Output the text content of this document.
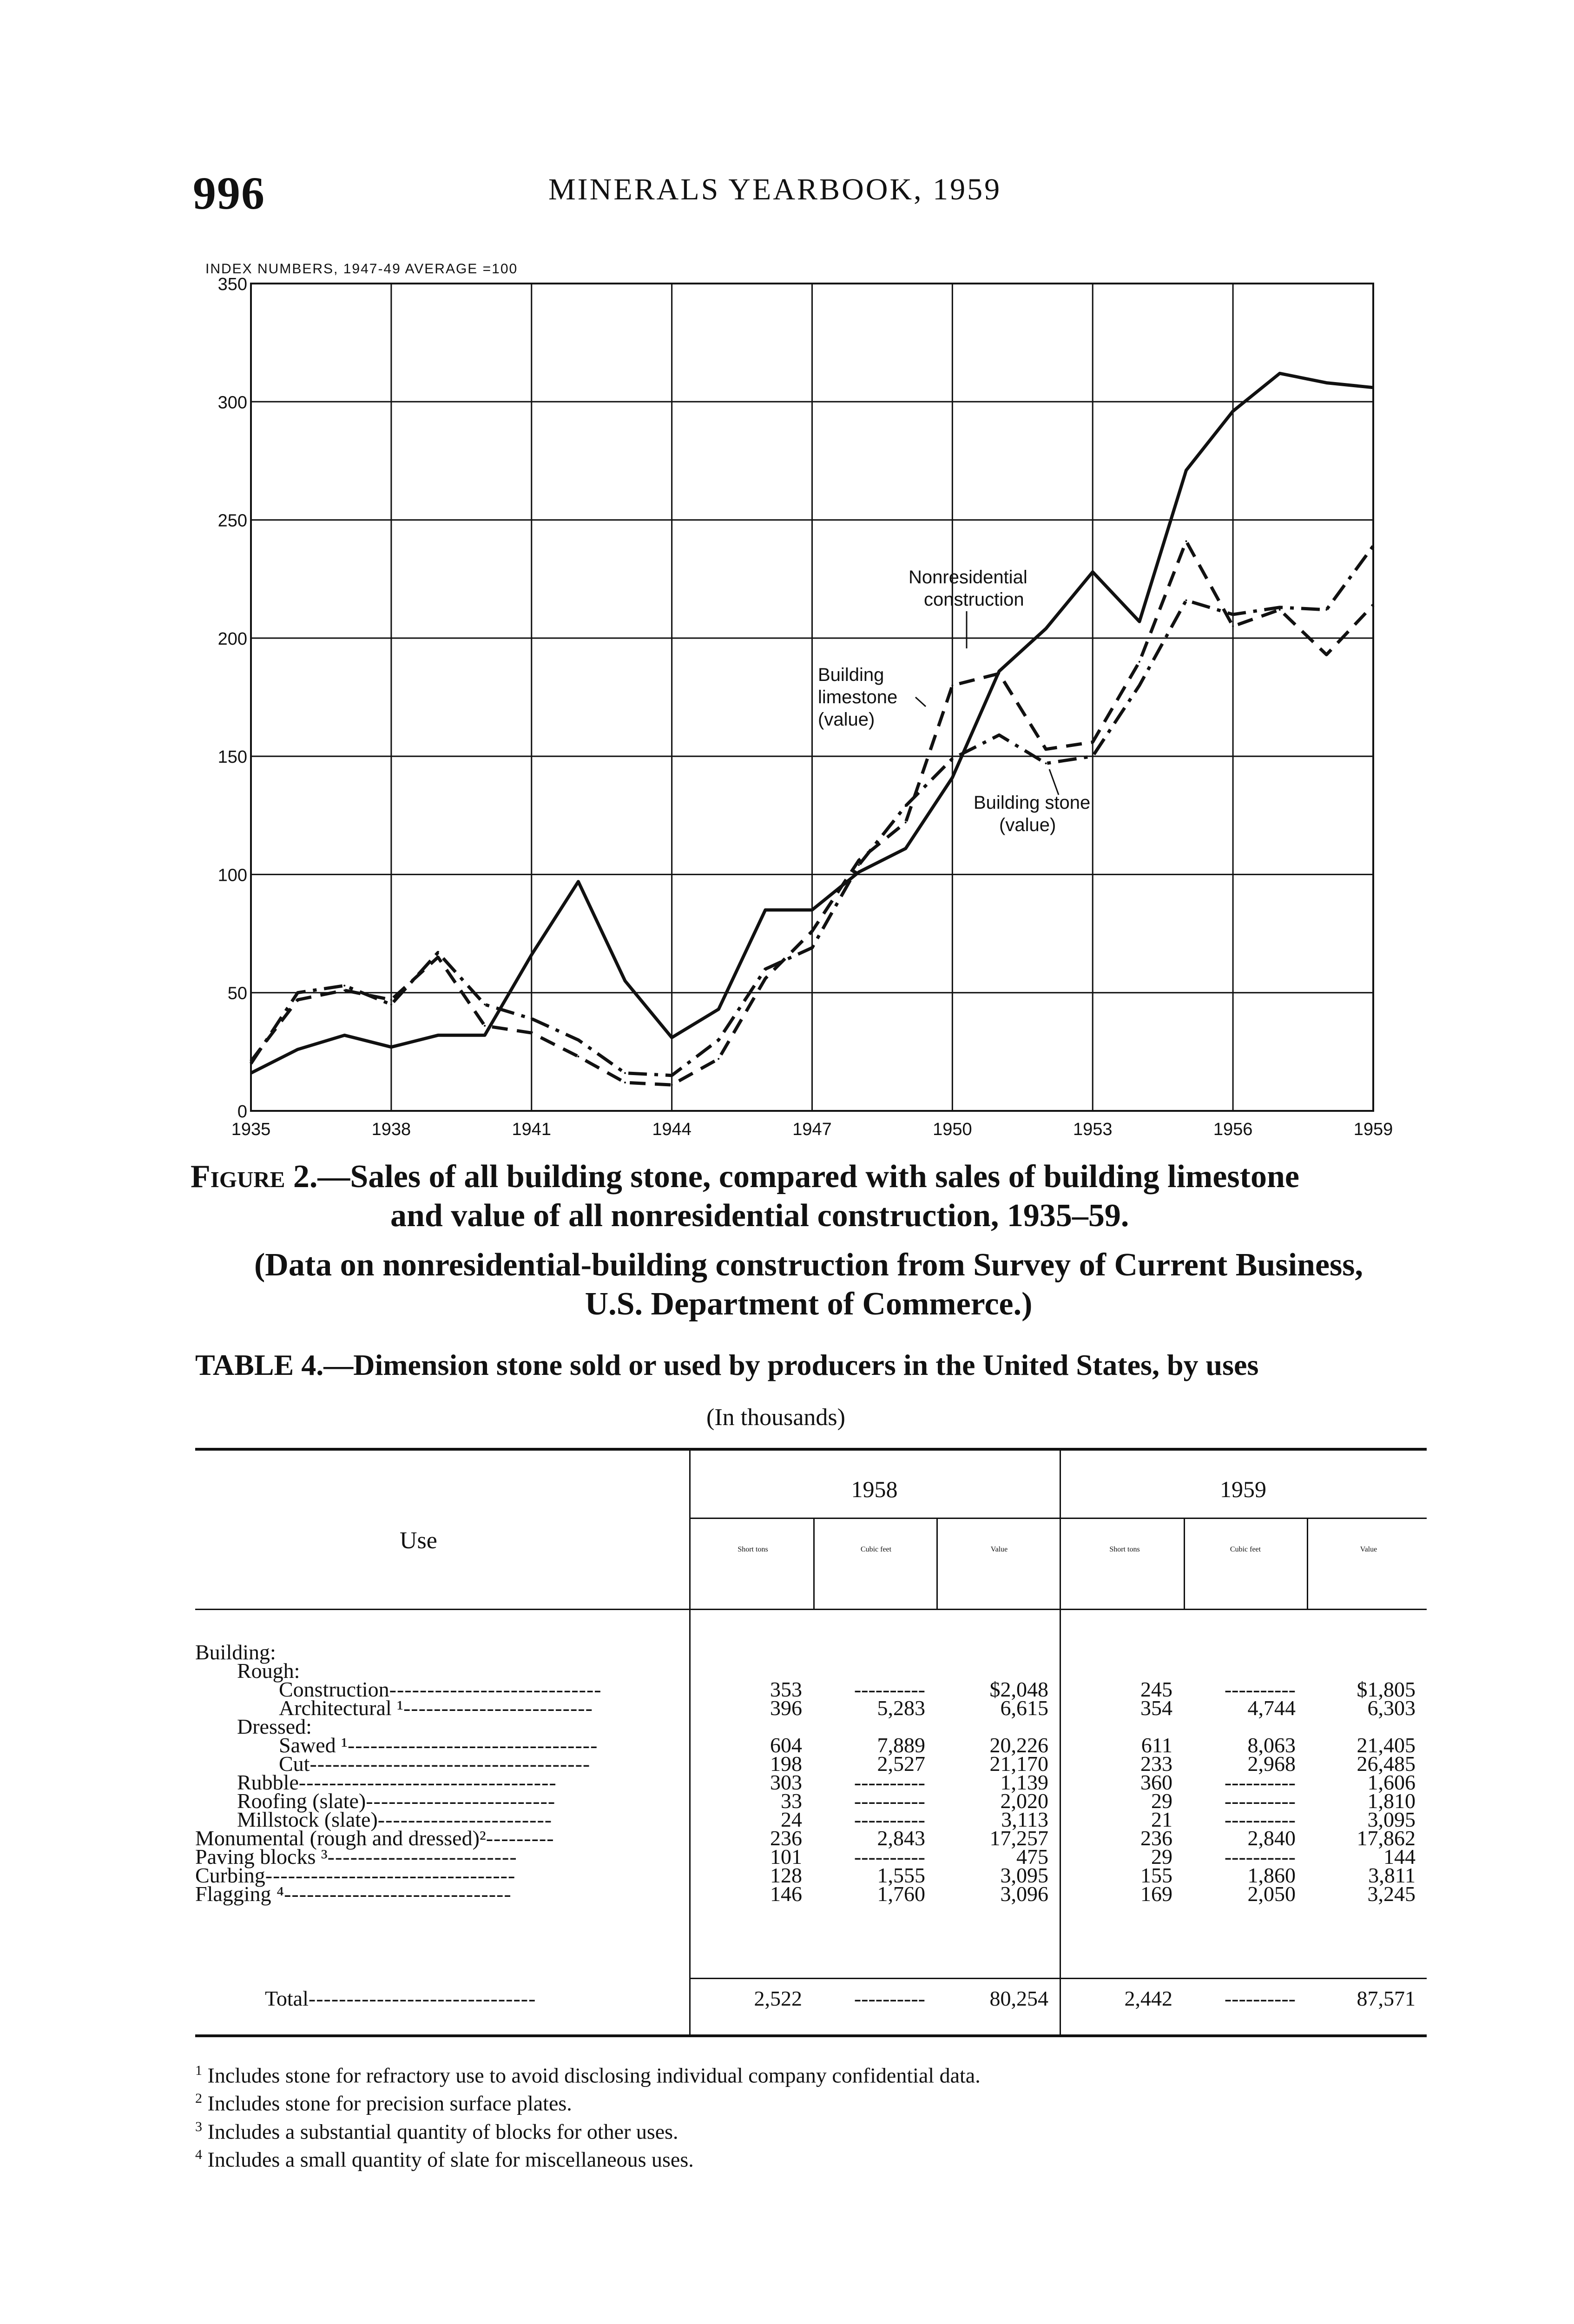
996	MINERALS YEARBOOK, 1959
INDEX NUMBERS, 1947-49 AVERAGE =100
0
50
100
150
200
250
300
350
1935	1938	1941	1944	1947	1950	1953	1956	1959
Nonresidential
construction
Building
limestone
(value)
Building stone
(value)
Figure 2.—Sales of all building stone, compared with sales of building limestone
and value of all nonresidential construction, 1935–59.
(Data on nonresidential-building construction from Survey of Current Business,
U.S. Department of Commerce.)
TABLE 4.—Dimension stone sold or used by producers in the United States, by uses
(In thousands)
Use
1958	1959
Short tons	Cubic feet	Value	Short tons	Cubic feet	Value
Building:						
Rough:						
Construction----------------------------	353	----------	$2,048	245	----------	$1,805
Architectural ¹-------------------------	396	5,283	6,615	354	4,744	6,303
Dressed:						
Sawed ¹---------------------------------	604	7,889	20,226	611	8,063	21,405
Cut-------------------------------------	198	2,527	21,170	233	2,968	26,485
Rubble----------------------------------	303	----------	1,139	360	----------	1,606
Roofing (slate)-------------------------	33	----------	2,020	29	----------	1,810
Millstock (slate)-----------------------	24	----------	3,113	21	----------	3,095
Monumental (rough and dressed)²---------	236	2,843	17,257	236	2,840	17,862
Paving blocks ³-------------------------	101	----------	475	29	----------	144
Curbing---------------------------------	128	1,555	3,095	155	1,860	3,811
Flagging ⁴------------------------------	146	1,760	3,096	169	2,050	3,245
Total------------------------------	2,522	----------	80,254	2,442	----------	87,571
$^1$ Includes stone for refractory use to avoid disclosing individual company confidential data.
$^2$ Includes stone for precision surface plates.
$^3$ Includes a substantial quantity of blocks for other uses.
$^4$ Includes a small quantity of slate for miscellaneous uses.
